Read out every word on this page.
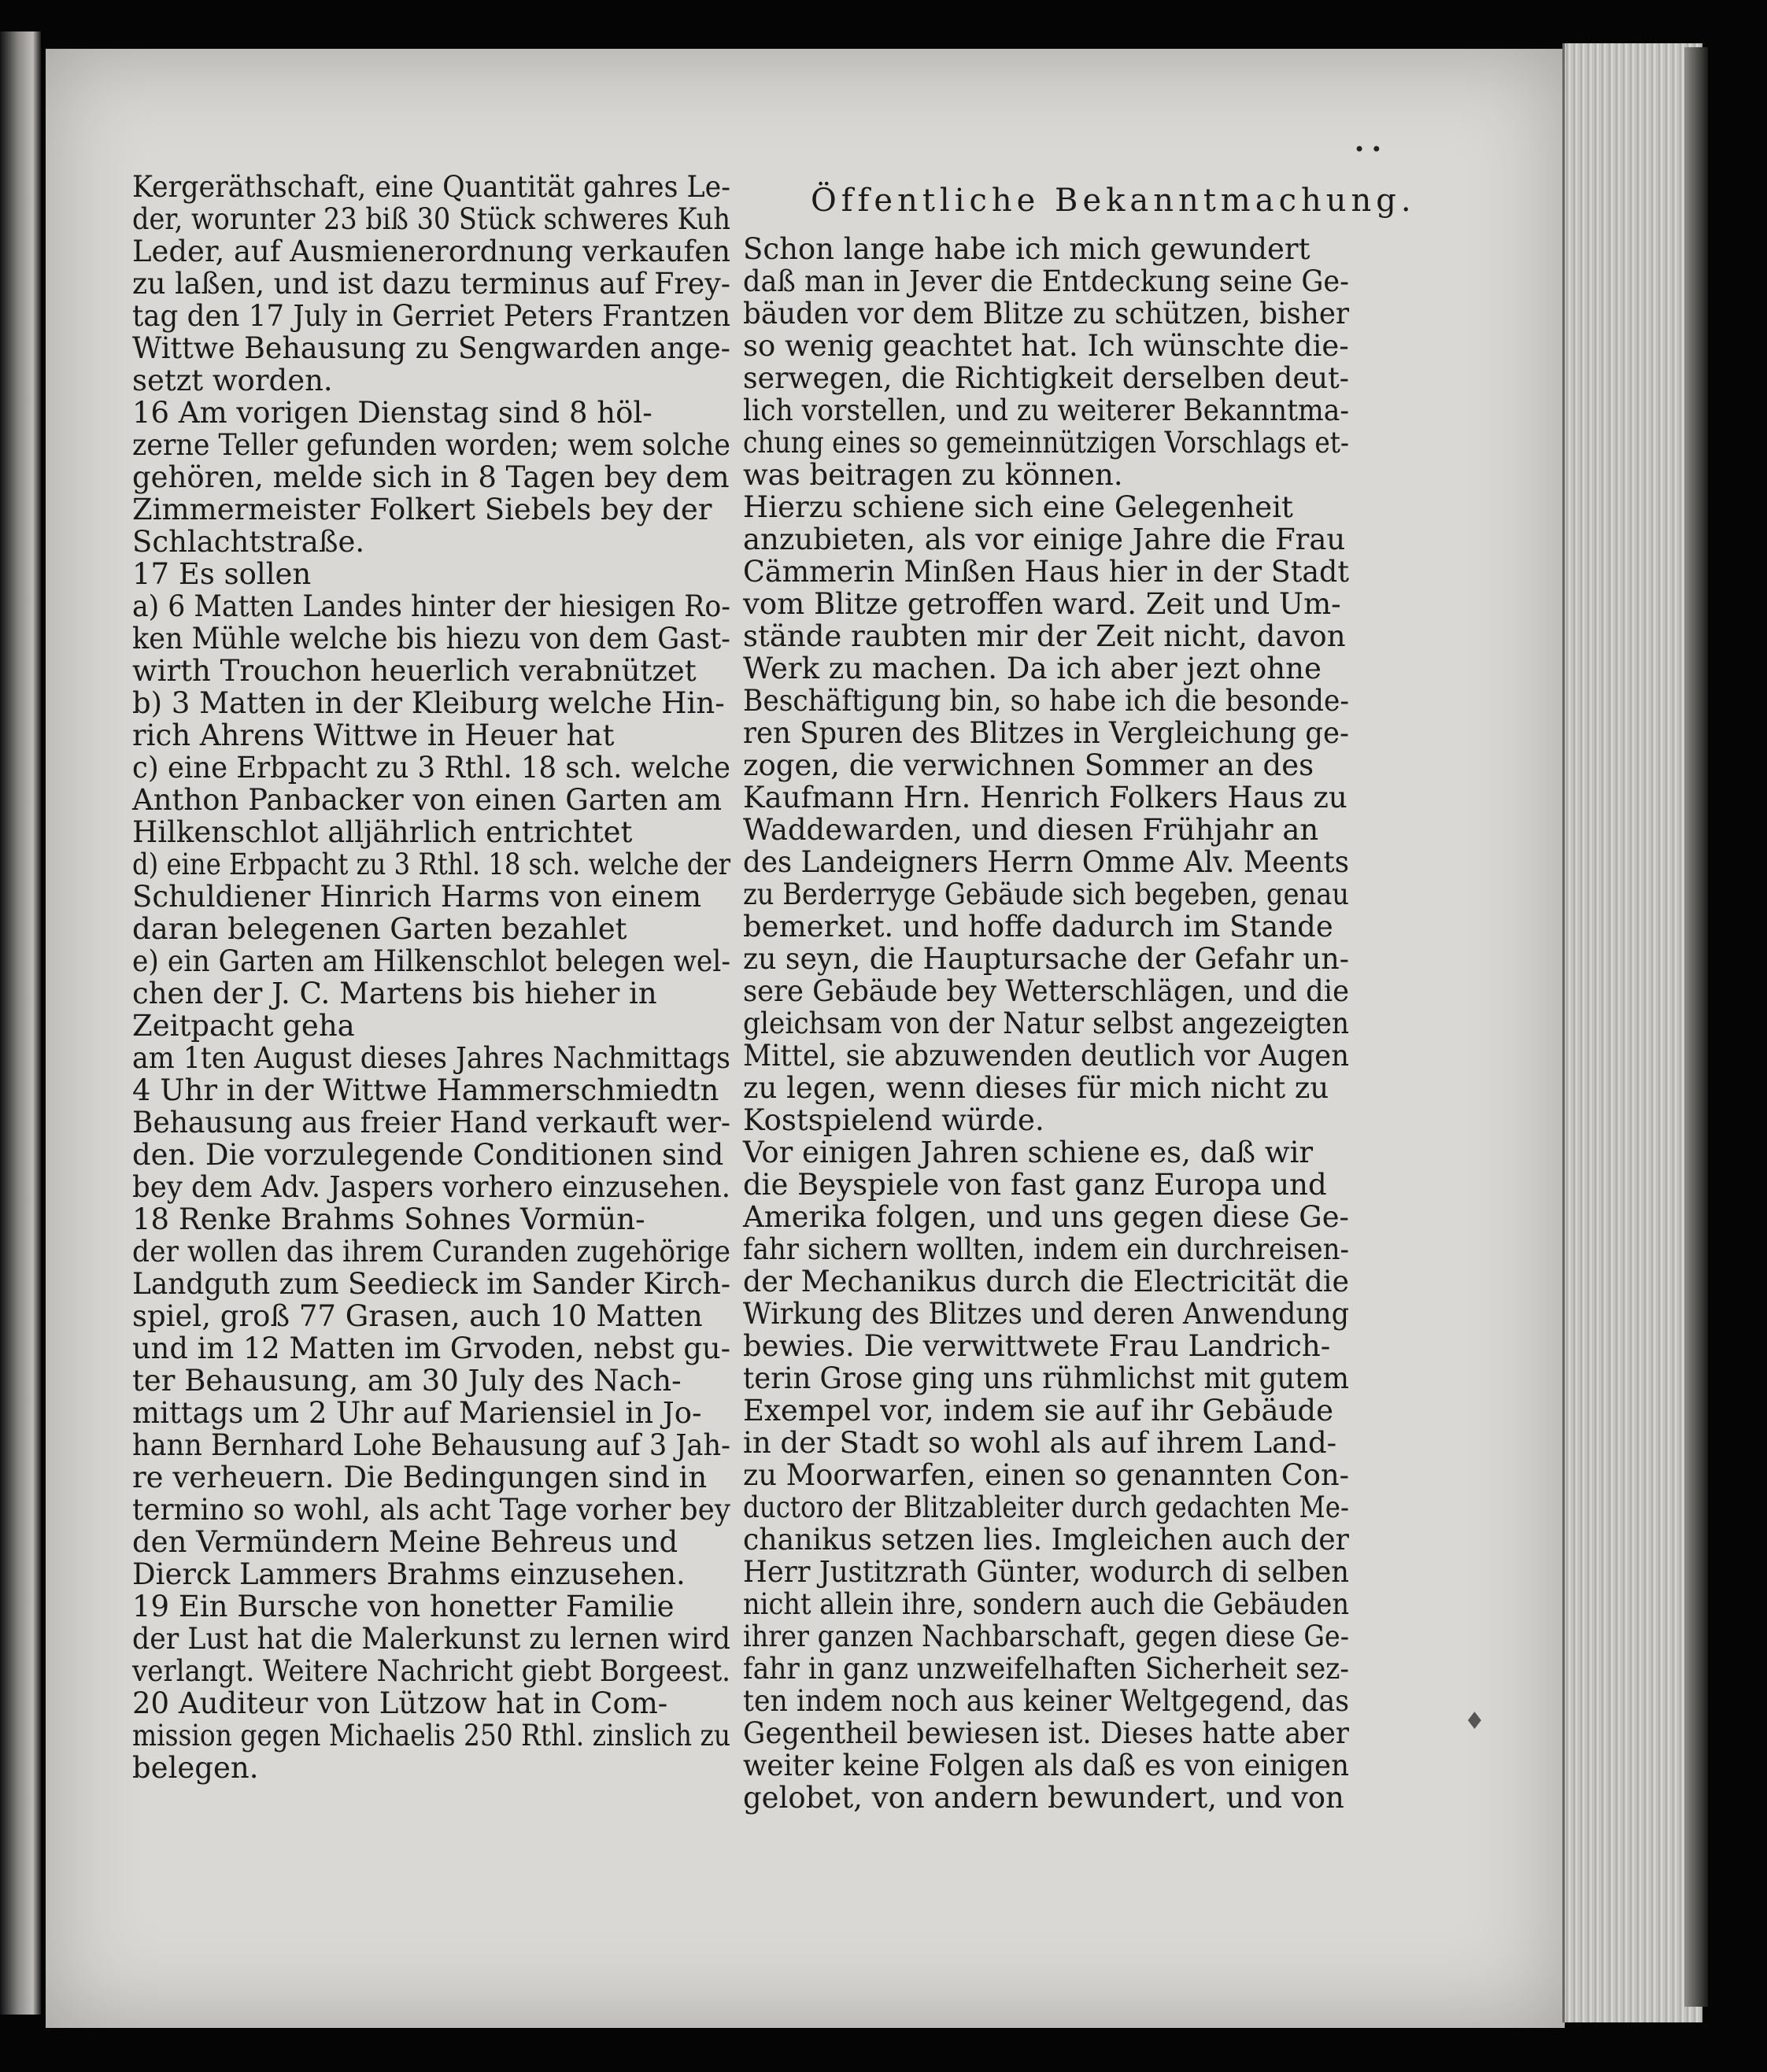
• •
Öffentliche Bekanntmachung.
Kergeräthschaft, eine Quantität gahres Le-
der, worunter 23 biß 30 Stück schweres Kuh
Leder, auf Ausmienerordnung verkaufen
zu laßen, und ist dazu terminus auf Frey-
tag den 17 July in Gerriet Peters Frantzen
Wittwe Behausung zu Sengwarden ange-
setzt worden.
16 Am vorigen Dienstag sind 8 höl-
zerne Teller gefunden worden; wem solche
gehören, melde sich in 8 Tagen bey dem
Zimmermeister Folkert Siebels bey der
Schlachtstraße.
17 Es sollen
a) 6 Matten Landes hinter der hiesigen Ro-
ken Mühle welche bis hiezu von dem Gast-
wirth Trouchon heuerlich verabnützet
b) 3 Matten in der Kleiburg welche Hin-
rich Ahrens Wittwe in Heuer hat
c) eine Erbpacht zu 3 Rthl. 18 sch. welche
Anthon Panbacker von einen Garten am
Hilkenschlot alljährlich entrichtet
d) eine Erbpacht zu 3 Rthl. 18 sch. welche der
Schuldiener Hinrich Harms von einem
daran belegenen Garten bezahlet
e) ein Garten am Hilkenschlot belegen wel-
chen der J. C. Martens bis hieher in
Zeitpacht geha
am 1ten August dieses Jahres Nachmittags
4 Uhr in der Wittwe Hammerschmiedtn
Behausung aus freier Hand verkauft wer-
den. Die vorzulegende Conditionen sind
bey dem Adv. Jaspers vorhero einzusehen.
18 Renke Brahms Sohnes Vormün-
der wollen das ihrem Curanden zugehörige
Landguth zum Seedieck im Sander Kirch-
spiel, groß 77 Grasen, auch 10 Matten
und im 12 Matten im Grvoden, nebst gu-
ter Behausung, am 30 July des Nach-
mittags um 2 Uhr auf Mariensiel in Jo-
hann Bernhard Lohe Behausung auf 3 Jah-
re verheuern. Die Bedingungen sind in
termino so wohl, als acht Tage vorher bey
den Vermündern Meine Behreus und
Dierck Lammers Brahms einzusehen.
19 Ein Bursche von honetter Familie
der Lust hat die Malerkunst zu lernen wird
verlangt. Weitere Nachricht giebt Borgeest.
20 Auditeur von Lützow hat in Com-
mission gegen Michaelis 250 Rthl. zinslich zu
belegen.
Schon lange habe ich mich gewundert
daß man in Jever die Entdeckung seine Ge-
bäuden vor dem Blitze zu schützen, bisher
so wenig geachtet hat. Ich wünschte die-
serwegen, die Richtigkeit derselben deut-
lich vorstellen, und zu weiterer Bekanntma-
chung eines so gemeinnützigen Vorschlags et-
was beitragen zu können.
Hierzu schiene sich eine Gelegenheit
anzubieten, als vor einige Jahre die Frau
Cämmerin Minßen Haus hier in der Stadt
vom Blitze getroffen ward. Zeit und Um-
stände raubten mir der Zeit nicht, davon
Werk zu machen. Da ich aber jezt ohne
Beschäftigung bin, so habe ich die besonde-
ren Spuren des Blitzes in Vergleichung ge-
zogen, die verwichnen Sommer an des
Kaufmann Hrn. Henrich Folkers Haus zu
Waddewarden, und diesen Frühjahr an
des Landeigners Herrn Omme Alv. Meents
zu Berderryge Gebäude sich begeben, genau
bemerket. und hoffe dadurch im Stande
zu seyn, die Hauptursache der Gefahr un-
sere Gebäude bey Wetterschlägen, und die
gleichsam von der Natur selbst angezeigten
Mittel, sie abzuwenden deutlich vor Augen
zu legen, wenn dieses für mich nicht zu
Kostspielend würde.
Vor einigen Jahren schiene es, daß wir
die Beyspiele von fast ganz Europa und
Amerika folgen, und uns gegen diese Ge-
fahr sichern wollten, indem ein durchreisen-
der Mechanikus durch die Electricität die
Wirkung des Blitzes und deren Anwendung
bewies. Die verwittwete Frau Landrich-
terin Grose ging uns rühmlichst mit gutem
Exempel vor, indem sie auf ihr Gebäude
in der Stadt so wohl als auf ihrem Land-
zu Moorwarfen, einen so genannten Con-
ductoro der Blitzableiter durch gedachten Me-
chanikus setzen lies. Imgleichen auch der
Herr Justitzrath Günter, wodurch di selben
nicht allein ihre, sondern auch die Gebäuden
ihrer ganzen Nachbarschaft, gegen diese Ge-
fahr in ganz unzweifelhaften Sicherheit sez-
ten indem noch aus keiner Weltgegend, das
Gegentheil bewiesen ist. Dieses hatte aber
weiter keine Folgen als daß es von einigen
gelobet, von andern bewundert, und von
♦
